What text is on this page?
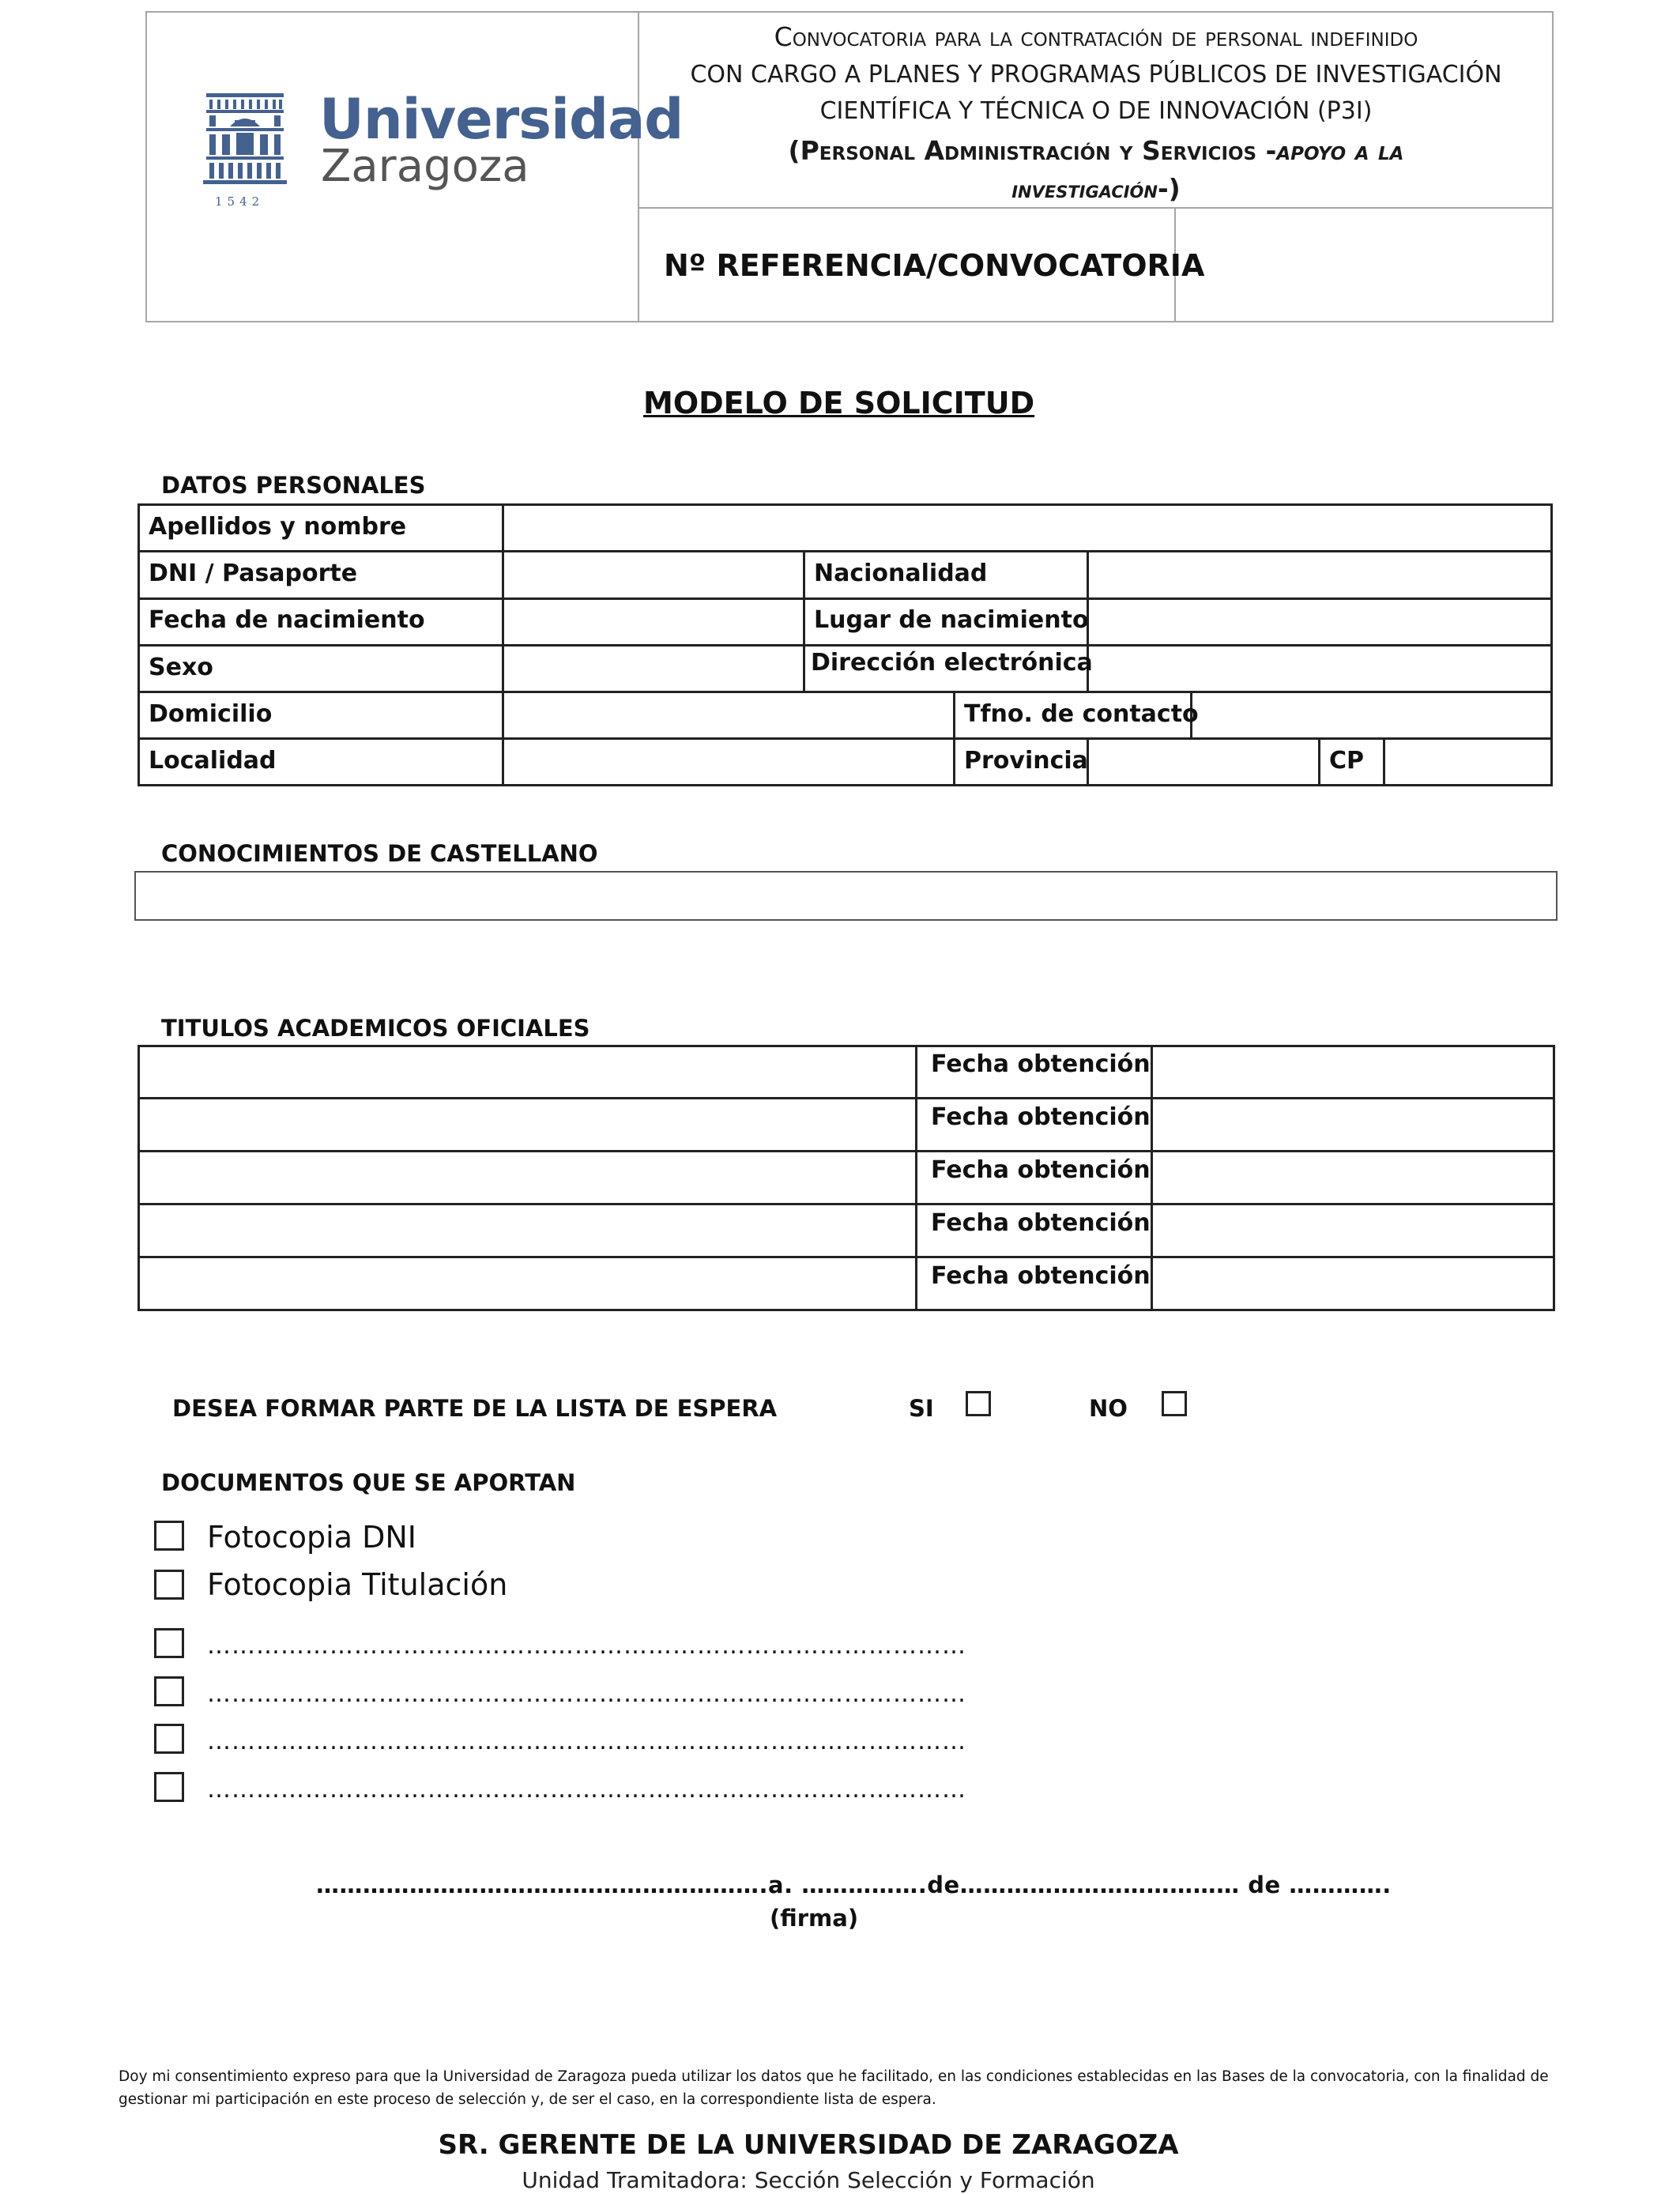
1542
Universidad
Zaragoza
Convocatoria para la contratación de personal indefinido
CON CARGO A PLANES Y PROGRAMAS PÚBLICOS DE INVESTIGACIÓN
CIENTÍFICA Y TÉCNICA O DE INNOVACIÓN (P3I)
(Personal Administración y Servicios -apoyo a la
investigación-)
Nº REFERENCIA/CONVOCATORIA
MODELO DE SOLICITUD
DATOS PERSONALES
Apellidos y nombre
DNI / Pasaporte	Nacionalidad
Fecha de nacimiento	Lugar de nacimiento
Sexo	Dirección electrónica
Domicilio	Tfno. de contacto
Localidad	Provincia	CP
CONOCIMIENTOS DE CASTELLANO
TITULOS ACADEMICOS OFICIALES
Fecha obtención
Fecha obtención
Fecha obtención
Fecha obtención
Fecha obtención
DESEA FORMAR PARTE DE LA LISTA DE ESPERA	SI	NO
DOCUMENTOS QUE SE APORTAN
Fotocopia DNI
Fotocopia Titulación
…………………………………………………………………………………
…………………………………………………………………………………
…………………………………………………………………………………
…………………………………………………………………………………
………………………………………………….a. …………….de……………………………… de ………….
(firma)
Doy mi consentimiento expreso para que la Universidad de Zaragoza pueda utilizar los datos que he facilitado, en las condiciones establecidas en las Bases de la convocatoria, con la finalidad de
gestionar mi participación en este proceso de selección y, de ser el caso, en la correspondiente lista de espera.
SR. GERENTE DE LA UNIVERSIDAD DE ZARAGOZA
Unidad Tramitadora: Sección Selección y Formación
